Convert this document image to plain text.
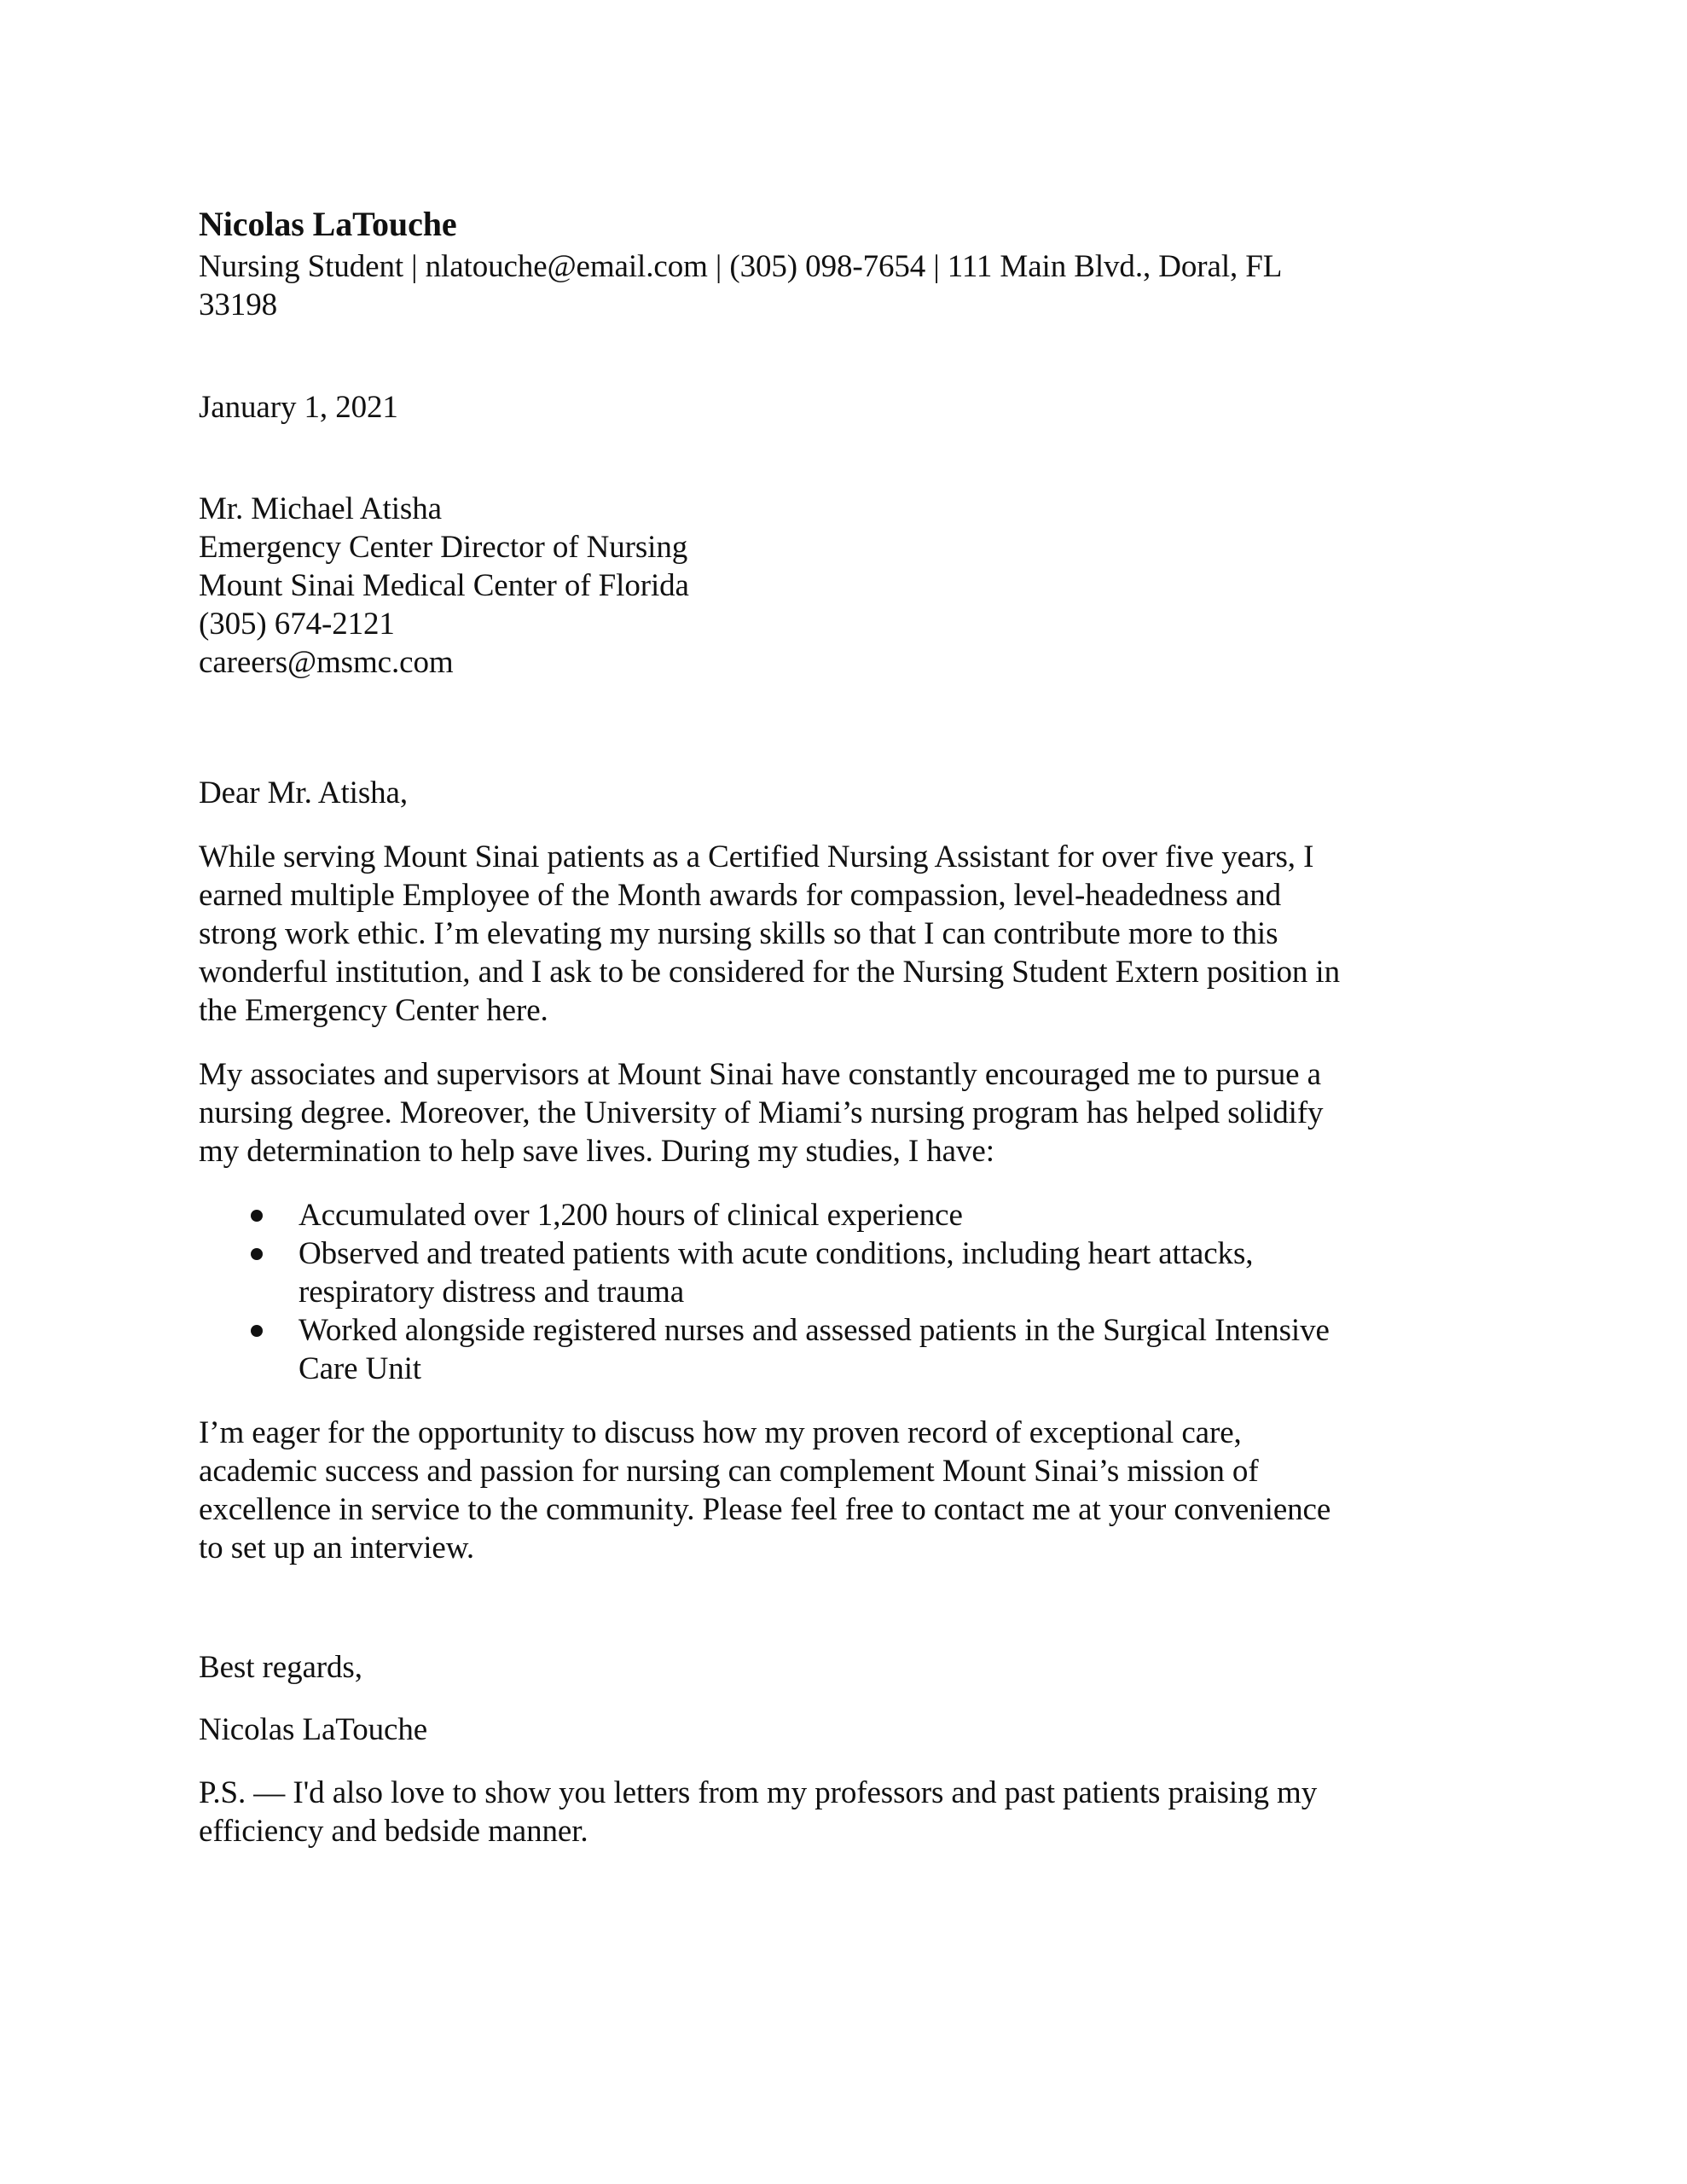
Nicolas LaTouche
Nursing Student | nlatouche@email.com | (305) 098-7654 | 111 Main Blvd., Doral, FL
33198
January 1, 2021
Mr. Michael Atisha
Emergency Center Director of Nursing
Mount Sinai Medical Center of Florida
(305) 674-2121
careers@msmc.com
Dear Mr. Atisha,
While serving Mount Sinai patients as a Certified Nursing Assistant for over five years, I
earned multiple Employee of the Month awards for compassion, level-headedness and
strong work ethic. I’m elevating my nursing skills so that I can contribute more to this
wonderful institution, and I ask to be considered for the Nursing Student Extern position in
the Emergency Center here.
My associates and supervisors at Mount Sinai have constantly encouraged me to pursue a
nursing degree. Moreover, the University of Miami’s nursing program has helped solidify
my determination to help save lives. During my studies, I have:
Accumulated over 1,200 hours of clinical experience
Observed and treated patients with acute conditions, including heart attacks,
respiratory distress and trauma
Worked alongside registered nurses and assessed patients in the Surgical Intensive
Care Unit
I’m eager for the opportunity to discuss how my proven record of exceptional care,
academic success and passion for nursing can complement Mount Sinai’s mission of
excellence in service to the community. Please feel free to contact me at your convenience
to set up an interview.
Best regards,
Nicolas LaTouche
P.S. — I'd also love to show you letters from my professors and past patients praising my
efficiency and bedside manner.
